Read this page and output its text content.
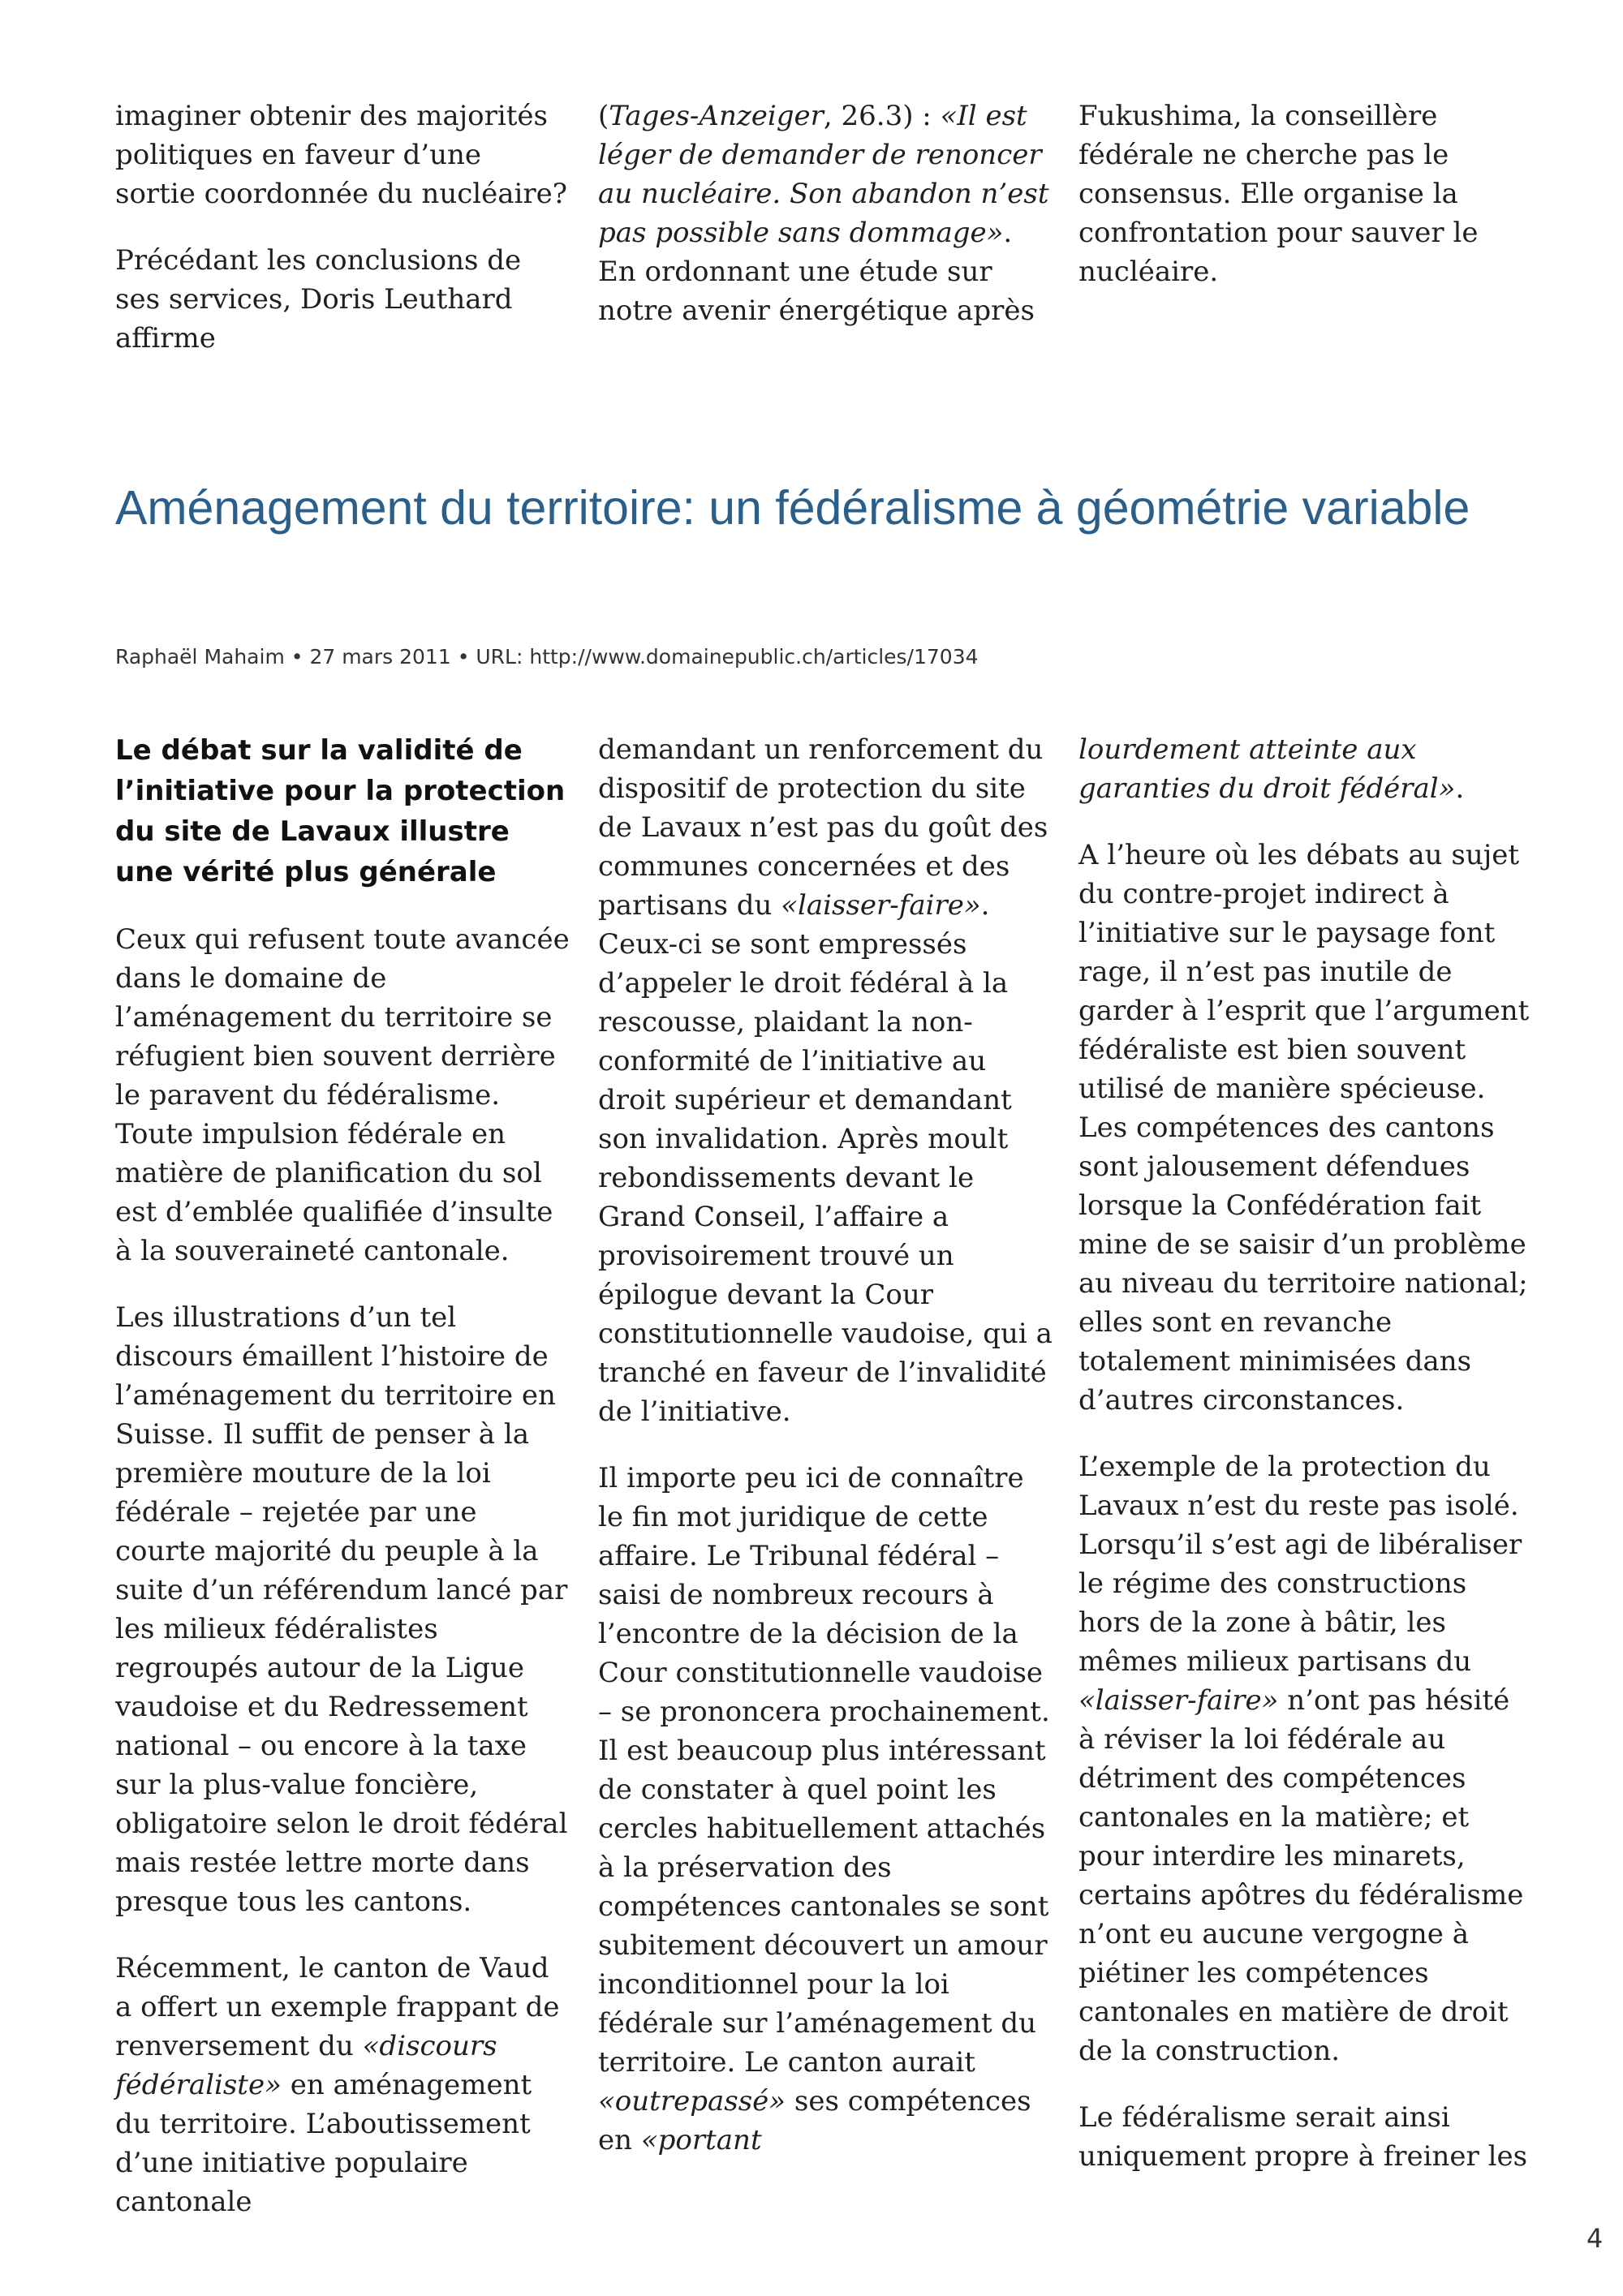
imaginer obtenir des majorités politiques en faveur d’une sortie coordonnée du nucléaire?

Précédant les conclusions de ses services, Doris Leuthard affirme

(Tages-Anzeiger, 26.3) : «Il est léger de demander de renoncer au nucléaire. Son abandon n’est pas possible sans dommage». En ordonnant une étude sur notre avenir énergétique après

Fukushima, la conseillère fédérale ne cherche pas le consensus. Elle organise la confrontation pour sauver le nucléaire.

Aménagement du territoire: un fédéralisme à géométrie variable
Raphaël Mahaim • 27 mars 2011 • URL: http://www.domainepublic.ch/articles/17034

Le débat sur la validité de l’initiative pour la protection du site de Lavaux illustre une vérité plus générale

Ceux qui refusent toute avancée dans le domaine de l’aménagement du territoire se réfugient bien souvent derrière le paravent du fédéralisme. Toute impulsion fédérale en matière de planification du sol est d’emblée qualifiée d’insulte à la souveraineté cantonale.

Les illustrations d’un tel discours émaillent l’histoire de l’aménagement du territoire en Suisse. Il suffit de penser à la première mouture de la loi fédérale – rejetée par une courte majorité du peuple à la suite d’un référendum lancé par les milieux fédéralistes regroupés autour de la Ligue vaudoise et du Redressement national – ou encore à la taxe sur la plus-value foncière, obligatoire selon le droit fédéral mais restée lettre morte dans presque tous les cantons.

Récemment, le canton de Vaud a offert un exemple frappant de renversement du «discours fédéraliste» en aménagement du territoire. L’aboutissement d’une initiative populaire cantonale

demandant un renforcement du dispositif de protection du site de Lavaux n’est pas du goût des communes concernées et des partisans du «laisser-faire». Ceux-ci se sont empressés d’appeler le droit fédéral à la rescousse, plaidant la non-conformité de l’initiative au droit supérieur et demandant son invalidation. Après moult rebondissements devant le Grand Conseil, l’affaire a provisoirement trouvé un épilogue devant la Cour constitutionnelle vaudoise, qui a tranché en faveur de l’invalidité de l’initiative.

Il importe peu ici de connaître le fin mot juridique de cette affaire. Le Tribunal fédéral – saisi de nombreux recours à l’encontre de la décision de la Cour constitutionnelle vaudoise – se prononcera prochainement. Il est beaucoup plus intéressant de constater à quel point les cercles habituellement attachés à la préservation des compétences cantonales se sont subitement découvert un amour inconditionnel pour la loi fédérale sur l’aménagement du territoire. Le canton aurait «outrepassé» ses compétences en «portant

lourdement atteinte aux garanties du droit fédéral».

A l’heure où les débats au sujet du contre-projet indirect à l’initiative sur le paysage font rage, il n’est pas inutile de garder à l’esprit que l’argument fédéraliste est bien souvent utilisé de manière spécieuse. Les compétences des cantons sont jalousement défendues lorsque la Confédération fait mine de se saisir d’un problème au niveau du territoire national; elles sont en revanche totalement minimisées dans d’autres circonstances.

L’exemple de la protection du Lavaux n’est du reste pas isolé. Lorsqu’il s’est agi de libéraliser le régime des constructions hors de la zone à bâtir, les mêmes milieux partisans du «laisser-faire» n’ont pas hésité à réviser la loi fédérale au détriment des compétences cantonales en la matière; et pour interdire les minarets, certains apôtres du fédéralisme n’ont eu aucune vergogne à piétiner les compétences cantonales en matière de droit de la construction.

Le fédéralisme serait ainsi uniquement propre à freiner les

4
